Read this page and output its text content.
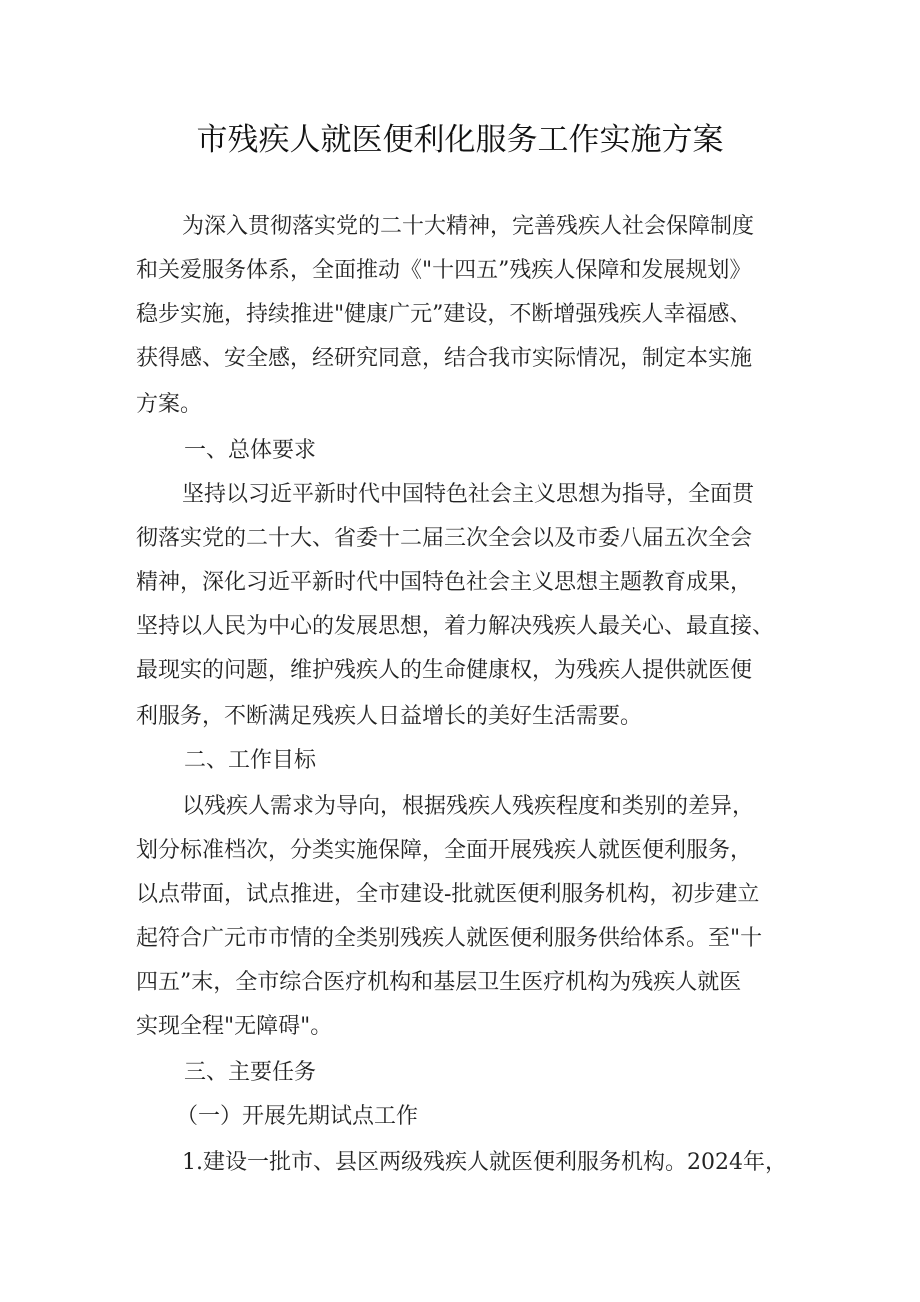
市残疾人就医便利化服务工作实施方案
为深入贯彻落实党的二十大精神，完善残疾人社会保障制度
和关爱服务体系，全面推动《"十四五”残疾人保障和发展规划》
稳步实施，持续推进"健康广元”建设，不断增强残疾人幸福感、
获得感、安全感，经研究同意，结合我市实际情况，制定本实施
方案。
一、总体要求
坚持以习近平新时代中国特色社会主义思想为指导，全面贯
彻落实党的二十大、省委十二届三次全会以及市委八届五次全会
精神，深化习近平新时代中国特色社会主义思想主题教育成果，
坚持以人民为中心的发展思想，着力解决残疾人最关心、最直接、
最现实的问题，维护残疾人的生命健康权，为残疾人提供就医便
利服务，不断满足残疾人日益增长的美好生活需要。
二、工作目标
以残疾人需求为导向，根据残疾人残疾程度和类别的差异，
划分标准档次，分类实施保障，全面开展残疾人就医便利服务，
以点带面，试点推进，全市建设-批就医便利服务机构，初步建立
起符合广元市市情的全类别残疾人就医便利服务供给体系。至"十
四五”末，全市综合医疗机构和基层卫生医疗机构为残疾人就医
实现全程"无障碍"。
三、主要任务
（一）开展先期试点工作
1.建设一批市、县区两级残疾人就医便利服务机构。2024年，
